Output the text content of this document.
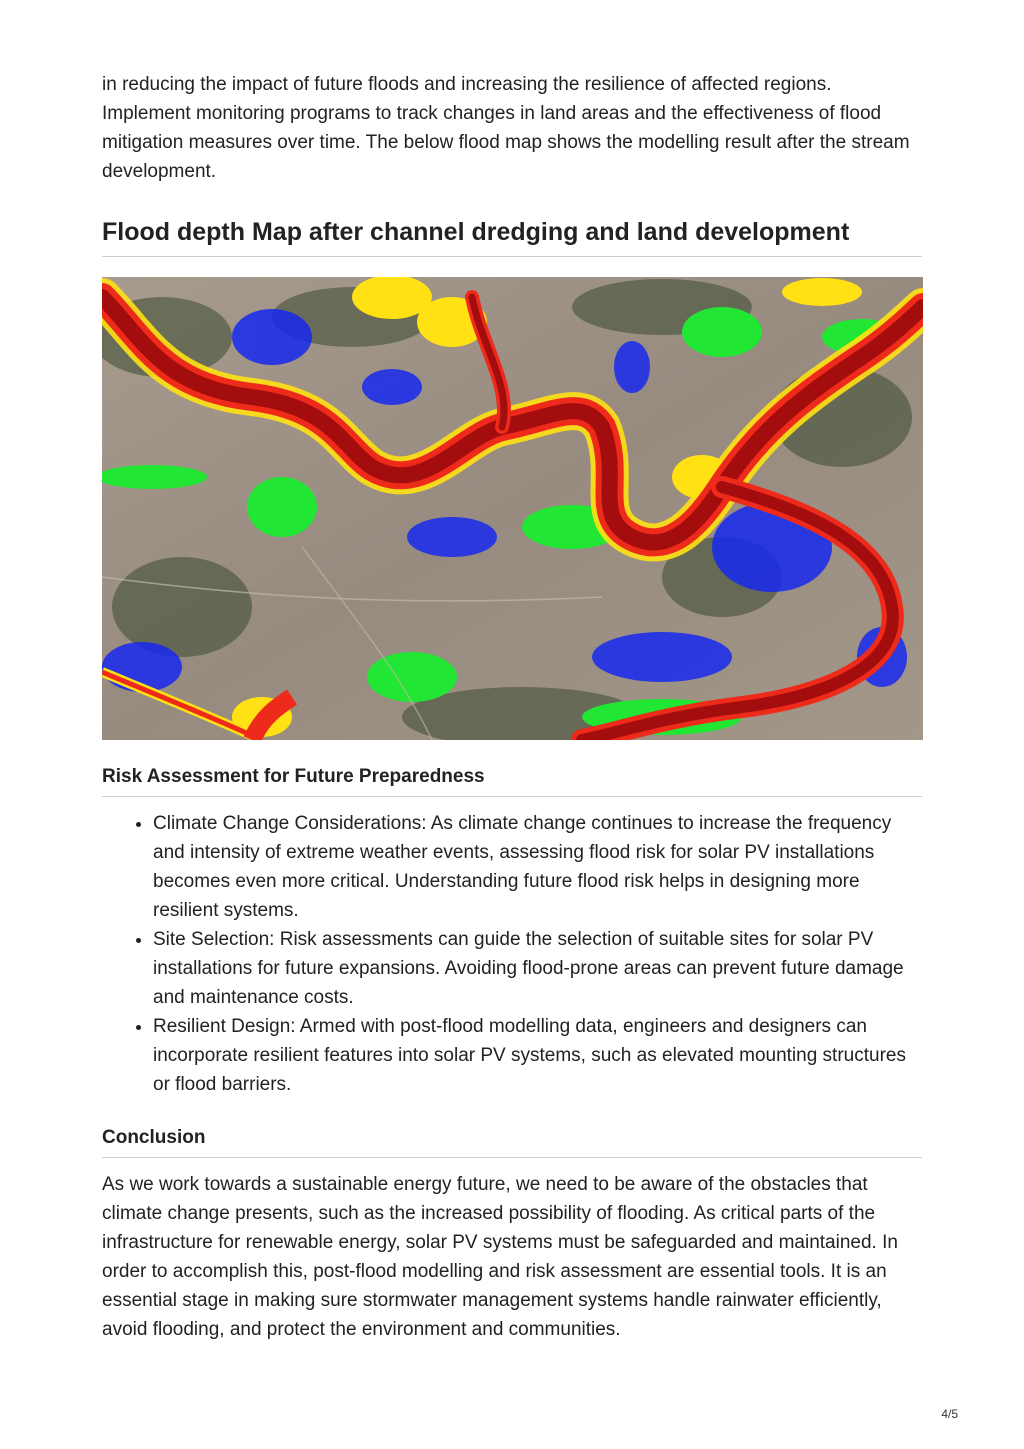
in reducing the impact of future floods and increasing the resilience of affected regions. Implement monitoring programs to track changes in land areas and the effectiveness of flood mitigation measures over time. The below flood map shows the modelling result after the stream development.

Flood depth Map after channel dredging and land development
Risk Assessment for Future Preparedness
• Climate Change Considerations: As climate change continues to increase the frequency and intensity of extreme weather events, assessing flood risk for solar PV installations becomes even more critical. Understanding future flood risk helps in designing more resilient systems.
• Site Selection: Risk assessments can guide the selection of suitable sites for solar PV installations for future expansions. Avoiding flood-prone areas can prevent future damage
and maintenance costs.
• Resilient Design: Armed with post-flood modelling data, engineers and designers can incorporate resilient features into solar PV systems, such as elevated mounting structures or flood barriers.
Conclusion

As we work towards a sustainable energy future, we need to be aware of the obstacles that climate change presents, such as the increased possibility of flooding. As critical parts of the infrastructure for renewable energy, solar PV systems must be safeguarded and maintained. In order to accomplish this, post-flood modelling and risk assessment are essential tools. It is an essential stage in making sure stormwater management systems handle rainwater efficiently, avoid flooding, and protect the environment and communities.

4/5
